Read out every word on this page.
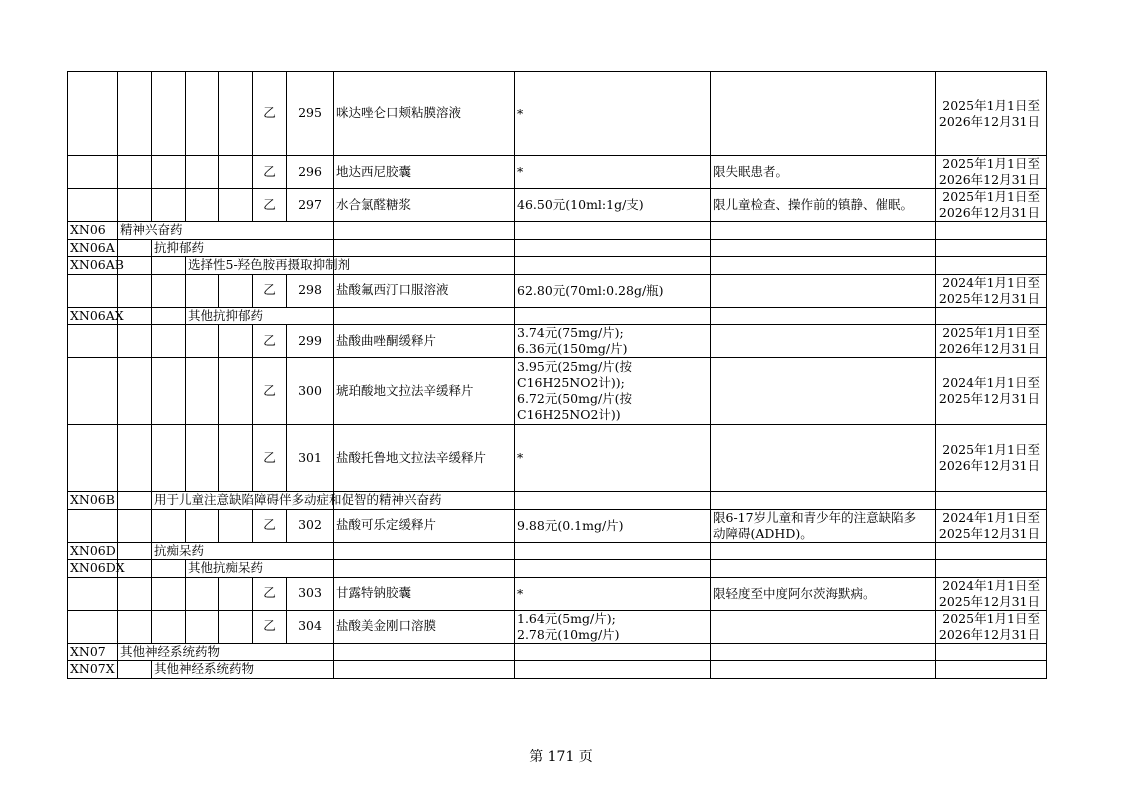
					乙	295	咪达唑仑口颊粘膜溶液	*		2025年1月1日至
2026年12月31日
					乙	296	地达西尼胶囊	*	限失眠患者。	2025年1月1日至
2026年12月31日
					乙	297	水合氯醛糖浆	46.50元(10ml:1g/支)	限儿童检查、操作前的镇静、催眠。	2025年1月1日至
2026年12月31日
XN06	精神兴奋药									
XN06A		抗抑郁药								
XN06AB			选择性5-羟色胺再摄取抑制剂							
					乙	298	盐酸氟西汀口服溶液	62.80元(70ml:0.28g/瓶)		2024年1月1日至
2025年12月31日
XN06AX			其他抗抑郁药							
					乙	299	盐酸曲唑酮缓释片	3.74元(75mg/片);
6.36元(150mg/片)		2025年1月1日至
2026年12月31日
					乙	300	琥珀酸地文拉法辛缓释片	3.95元(25mg/片(按
C16H25NO2计));
6.72元(50mg/片(按
C16H25NO2计))		2024年1月1日至
2025年12月31日
					乙	301	盐酸托鲁地文拉法辛缓释片	*		2025年1月1日至
2026年12月31日
XN06B		用于儿童注意缺陷障碍伴多动症和促智的精神兴奋药								
					乙	302	盐酸可乐定缓释片	9.88元(0.1mg/片)	限6-17岁儿童和青少年的注意缺陷多
动障碍(ADHD)。	2024年1月1日至
2025年12月31日
XN06D		抗痴呆药								
XN06DX			其他抗痴呆药							
					乙	303	甘露特钠胶囊	*	限轻度至中度阿尔茨海默病。	2024年1月1日至
2025年12月31日
					乙	304	盐酸美金刚口溶膜	1.64元(5mg/片);
2.78元(10mg/片)		2025年1月1日至
2026年12月31日
XN07	其他神经系统药物									
XN07X		其他神经系统药物								
第 171 页
